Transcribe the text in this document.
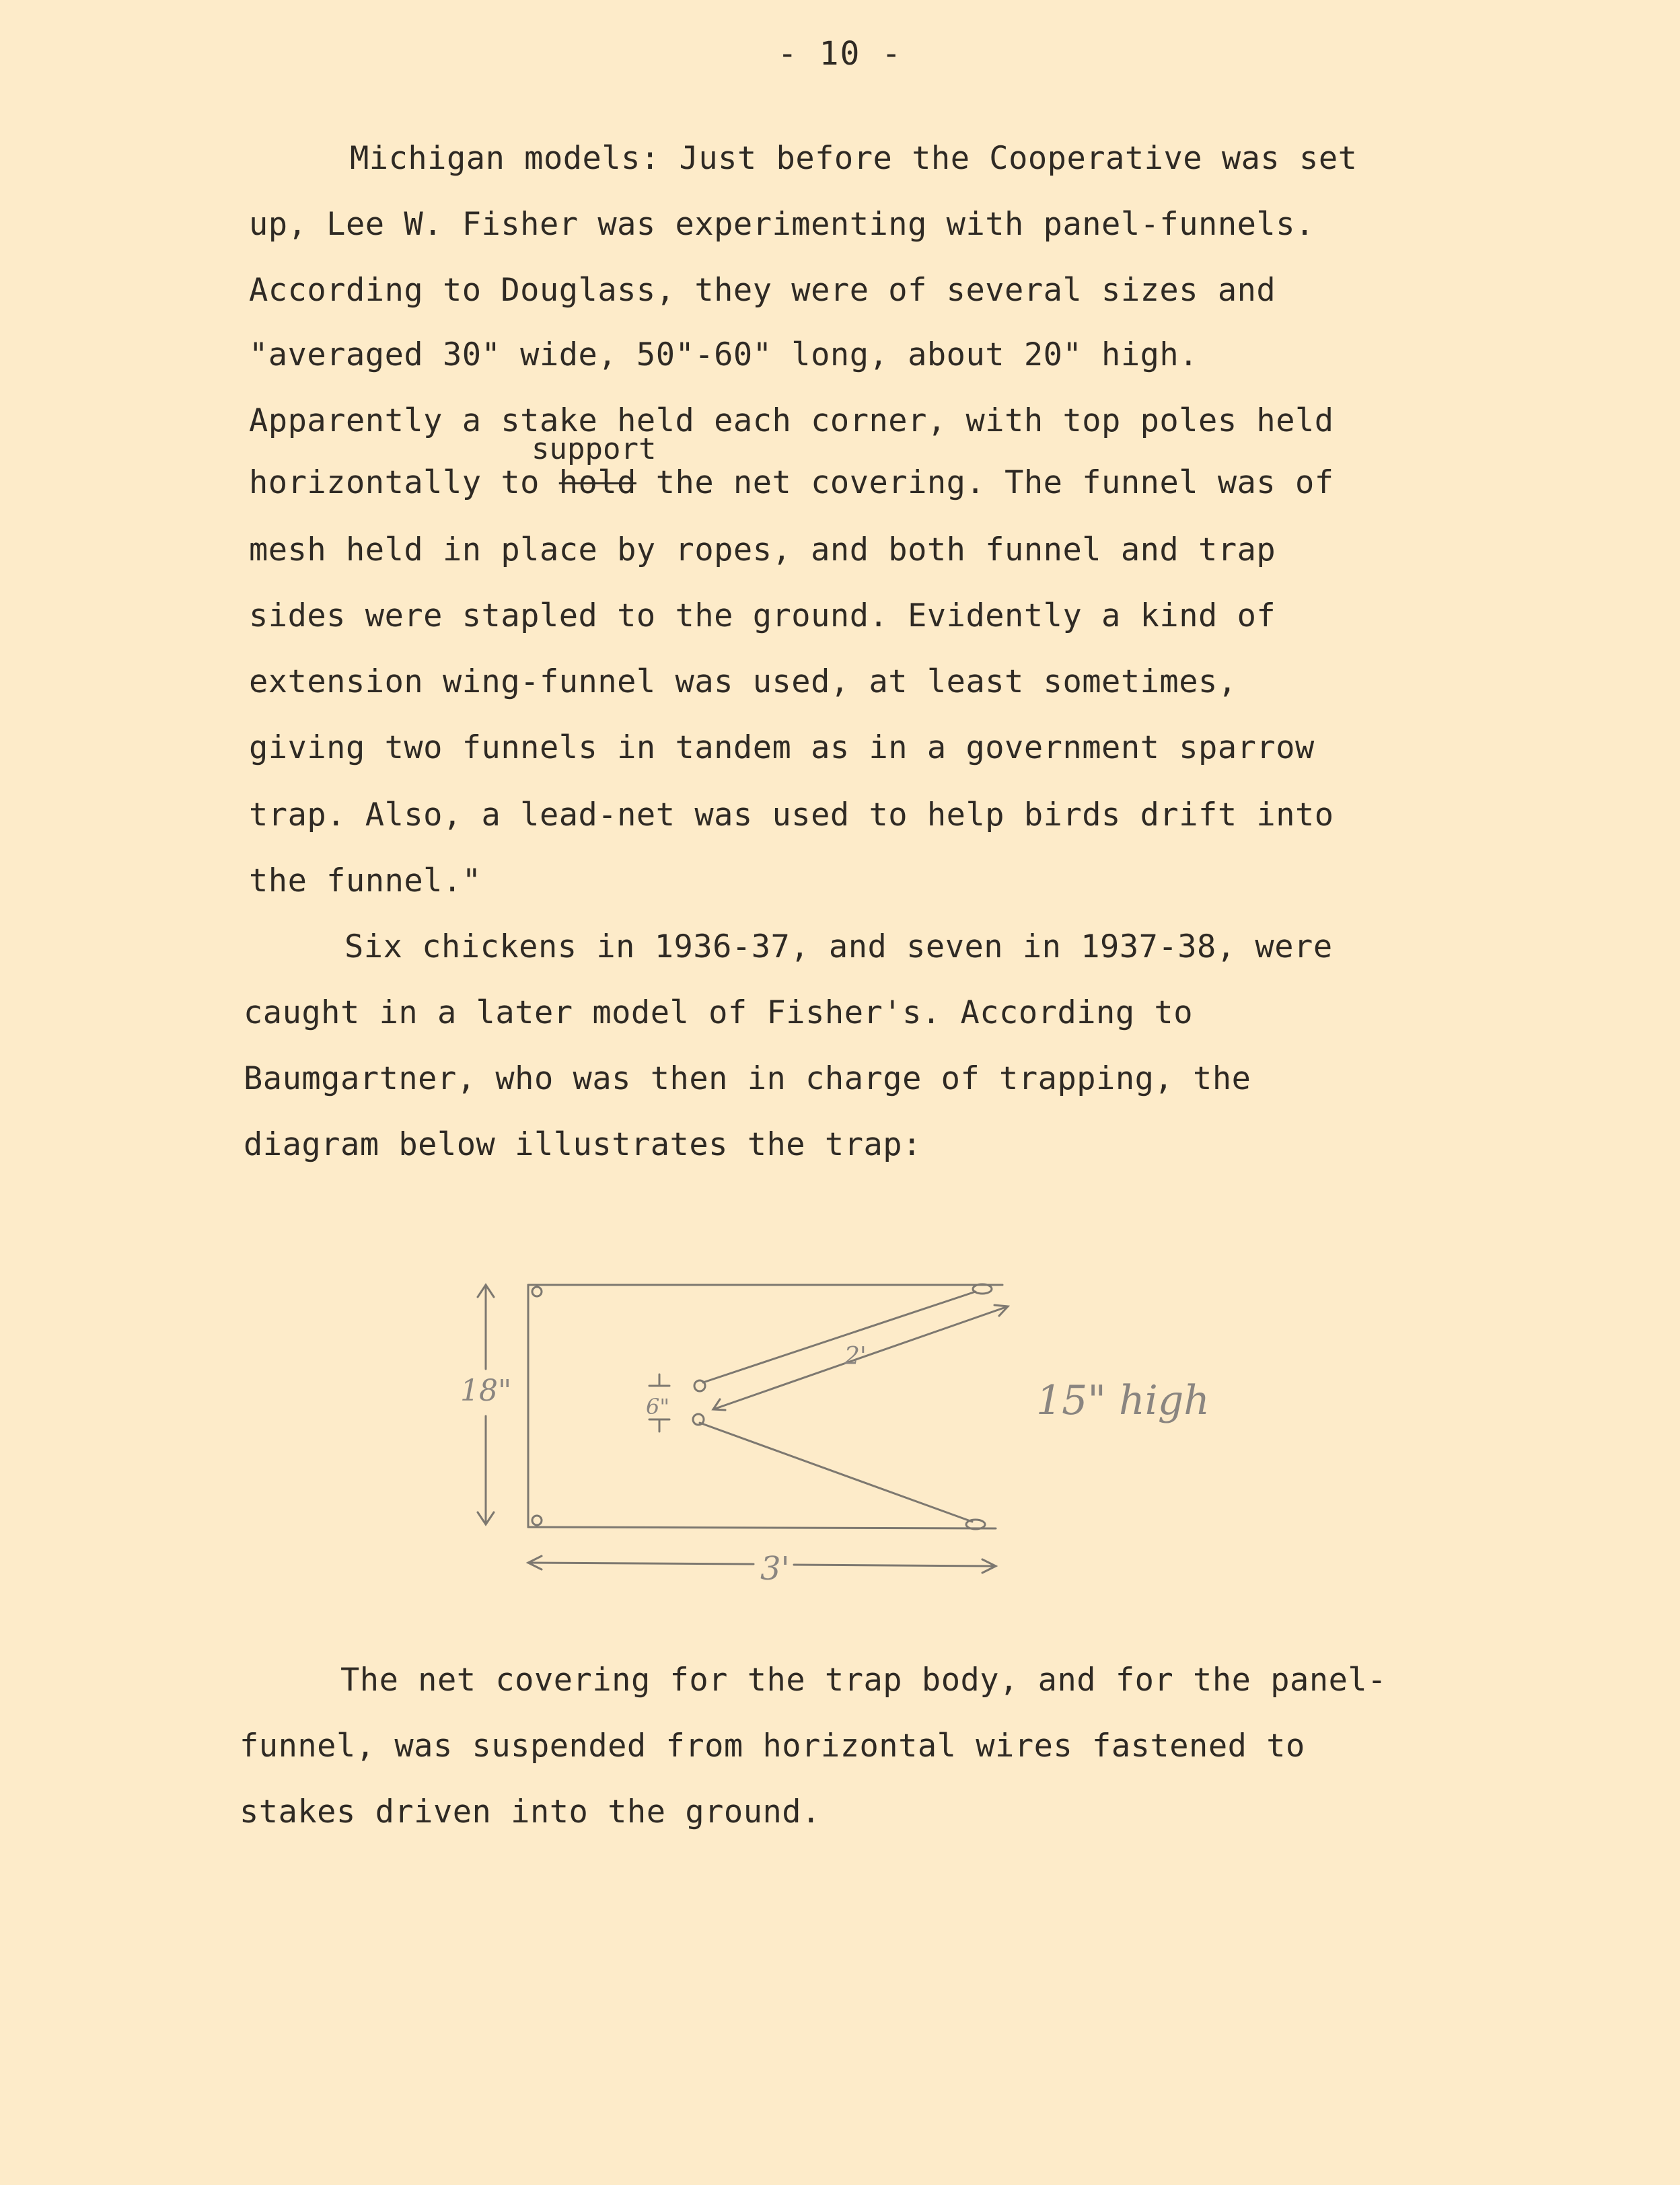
- 10 -
Michigan models: Just before the Cooperative was set
up, Lee W. Fisher was experimenting with panel-funnels.
According to Douglass, they were of several sizes and
"averaged 30" wide, 50"-60" long, about 20" high.
Apparently a stake held each corner, with top poles held
support
horizontally to hold the net covering. The funnel was of
mesh held in place by ropes, and both funnel and trap
sides were stapled to the ground. Evidently a kind of
extension wing-funnel was used, at least sometimes,
giving two funnels in tandem as in a government sparrow
trap. Also, a lead-net was used to help birds drift into
the funnel."
Six chickens in 1936-37, and seven in 1937-38, were
caught in a later model of Fisher's. According to
Baumgartner, who was then in charge of trapping, the
diagram below illustrates the trap:
18"	6"
2'
3'
15" high
The net covering for the trap body, and for the panel-
funnel, was suspended from horizontal wires fastened to
stakes driven into the ground.
